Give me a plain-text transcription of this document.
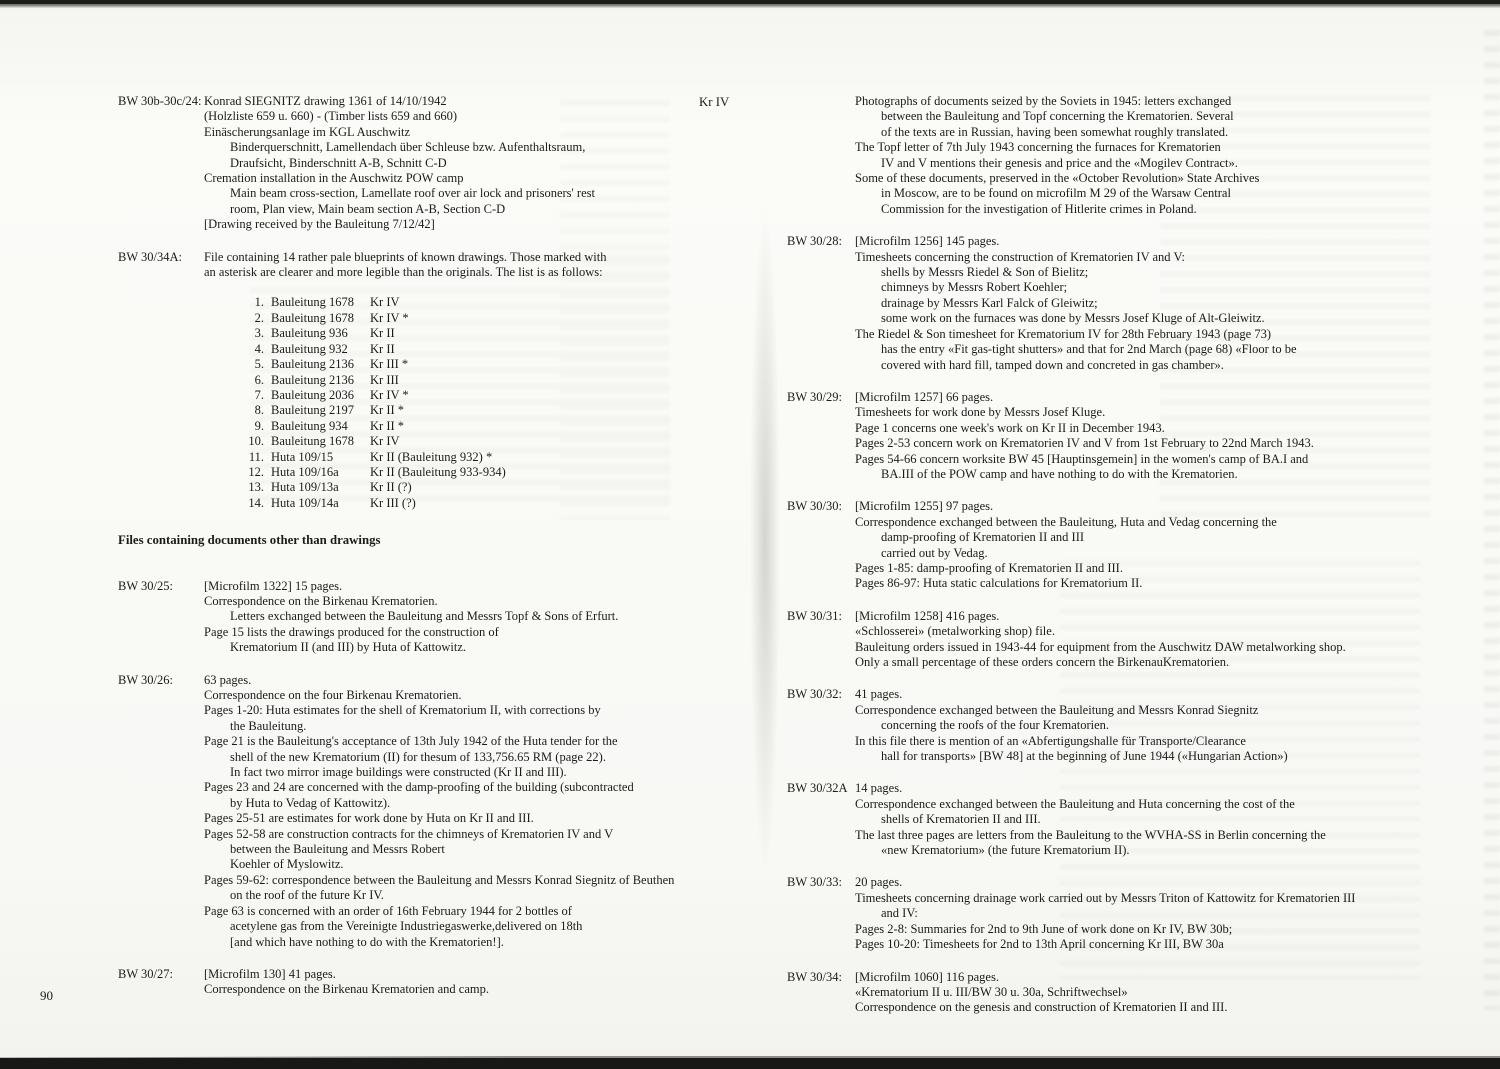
BW 30b-30c/24: Konrad SIEGNITZ drawing 1361 of 14/10/1942
(Holzliste 659 u. 660) - (Timber lists 659 and 660)
Einäscherungsanlage im KGL Auschwitz
Binderquerschnitt, Lamellendach über Schleuse bzw. Aufenthaltsraum,
Draufsicht, Binderschnitt A-B, Schnitt C-D
Cremation installation in the Auschwitz POW camp
Main beam cross-section, Lamellate roof over air lock and prisoners' rest
room, Plan view, Main beam section A-B, Section C-D
[Drawing received by the Bauleitung 7/12/42]
BW 30/34A:	File containing 14 rather pale blueprints of known drawings. Those marked with
an asterisk are clearer and more legible than the originals. The list is as follows:
1. Bauleitung 1678	Kr IV
2. Bauleitung 1678	Kr IV *
3. Bauleitung 936	Kr II
4. Bauleitung 932	Kr II
5. Bauleitung 2136	Kr III *
6. Bauleitung 2136	Kr III
7. Bauleitung 2036	Kr IV *
8. Bauleitung 2197	Kr II *
9. Bauleitung 934	Kr II *
10. Bauleitung 1678	Kr IV
11. Huta 109/15	Kr II (Bauleitung 932) *
12. Huta 109/16a	Kr II (Bauleitung 933-934)
13. Huta 109/13a	Kr II (?)
14. Huta 109/14a	Kr III (?)
Files containing documents other than drawings
BW 30/25:	[Microfilm 1322] 15 pages.
Correspondence on the Birkenau Krematorien.
Letters exchanged between the Bauleitung and Messrs Topf & Sons of Erfurt.
Page 15 lists the drawings produced for the construction of
Krematorium II (and III) by Huta of Kattowitz.
BW 30/26:	63 pages.
Correspondence on the four Birkenau Krematorien.
Pages 1-20: Huta estimates for the shell of Krematorium II, with corrections by
the Bauleitung.
Page 21 is the Bauleitung's acceptance of 13th July 1942 of the Huta tender for the
shell of the new Krematorium (II) for thesum of 133,756.65 RM (page 22).
In fact two mirror image buildings were constructed (Kr II and III).
Pages 23 and 24 are concerned with the damp-proofing of the building (subcontracted
by Huta to Vedag of Kattowitz).
Pages 25-51 are estimates for work done by Huta on Kr II and III.
Pages 52-58 are construction contracts for the chimneys of Krematorien IV and V
between the Bauleitung and Messrs Robert
Koehler of Myslowitz.
Pages 59-62: correspondence between the Bauleitung and Messrs Konrad Siegnitz of Beuthen
on the roof of the future Kr IV.
Page 63 is concerned with an order of 16th February 1944 for 2 bottles of
acetylene gas from the Vereinigte Industriegaswerke,delivered on 18th
[and which have nothing to do with the Krematorien!].
BW 30/27:	[Microfilm 130] 41 pages.
Correspondence on the Birkenau Krematorien and camp.
Photographs of documents seized by the Soviets in 1945: letters exchanged
between the Bauleitung and Topf concerning the Krematorien. Several
of the texts are in Russian, having been somewhat roughly translated.
The Topf letter of 7th July 1943 concerning the furnaces for Krematorien
IV and V mentions their genesis and price and the «Mogilev Contract».
Some of these documents, preserved in the «October Revolution» State Archives
in Moscow, are to be found on microfilm M 29 of the Warsaw Central
Commission for the investigation of Hitlerite crimes in Poland.
BW 30/28:	[Microfilm 1256] 145 pages.
Timesheets concerning the construction of Krematorien IV and V:
shells by Messrs Riedel & Son of Bielitz;
chimneys by Messrs Robert Koehler;
drainage by Messrs Karl Falck of Gleiwitz;
some work on the furnaces was done by Messrs Josef Kluge of Alt-Gleiwitz.
The Riedel & Son timesheet for Krematorium IV for 28th February 1943 (page 73)
has the entry «Fit gas-tight shutters» and that for 2nd March (page 68) «Floor to be
covered with hard fill, tamped down and concreted in gas chamber».
BW 30/29:	[Microfilm 1257] 66 pages.
Timesheets for work done by Messrs Josef Kluge.
Page 1 concerns one week's work on Kr II in December 1943.
Pages 2-53 concern work on Krematorien IV and V from 1st February to 22nd March 1943.
Pages 54-66 concern worksite BW 45 [Hauptinsgemein] in the women's camp of BA.I and
BA.III of the POW camp and have nothing to do with the Krematorien.
BW 30/30:	[Microfilm 1255] 97 pages.
Correspondence exchanged between the Bauleitung, Huta and Vedag concerning the
damp-proofing of Krematorien II and III
carried out by Vedag.
Pages 1-85: damp-proofing of Krematorien II and III.
Pages 86-97: Huta static calculations for Krematorium II.
BW 30/31:	[Microfilm 1258] 416 pages.
«Schlosserei» (metalworking shop) file.
Bauleitung orders issued in 1943-44 for equipment from the Auschwitz DAW metalworking shop.
Only a small percentage of these orders concern the BirkenauKrematorien.
BW 30/32:	41 pages.
Correspondence exchanged between the Bauleitung and Messrs Konrad Siegnitz
concerning the roofs of the four Krematorien.
In this file there is mention of an «Abfertigungshalle für Transporte/Clearance
hall for transports» [BW 48] at the beginning of June 1944 («Hungarian Action»)
BW 30/32A 14 pages.
Correspondence exchanged between the Bauleitung and Huta concerning the cost of the
shells of Krematorien II and III.
The last three pages are letters from the Bauleitung to the WVHA-SS in Berlin concerning the
«new Krematorium» (the future Krematorium II).
BW 30/33:	20 pages.
Timesheets concerning drainage work carried out by Messrs Triton of Kattowitz for Krematorien III
and IV:
Pages 2-8: Summaries for 2nd to 9th June of work done on Kr IV, BW 30b;
Pages 10-20: Timesheets for 2nd to 13th April concerning Kr III, BW 30a
BW 30/34:	[Microfilm 1060] 116 pages.
«Krematorium II u. III/BW 30 u. 30a, Schriftwechsel»
Correspondence on the genesis and construction of Krematorien II and III.
Kr IV
90
